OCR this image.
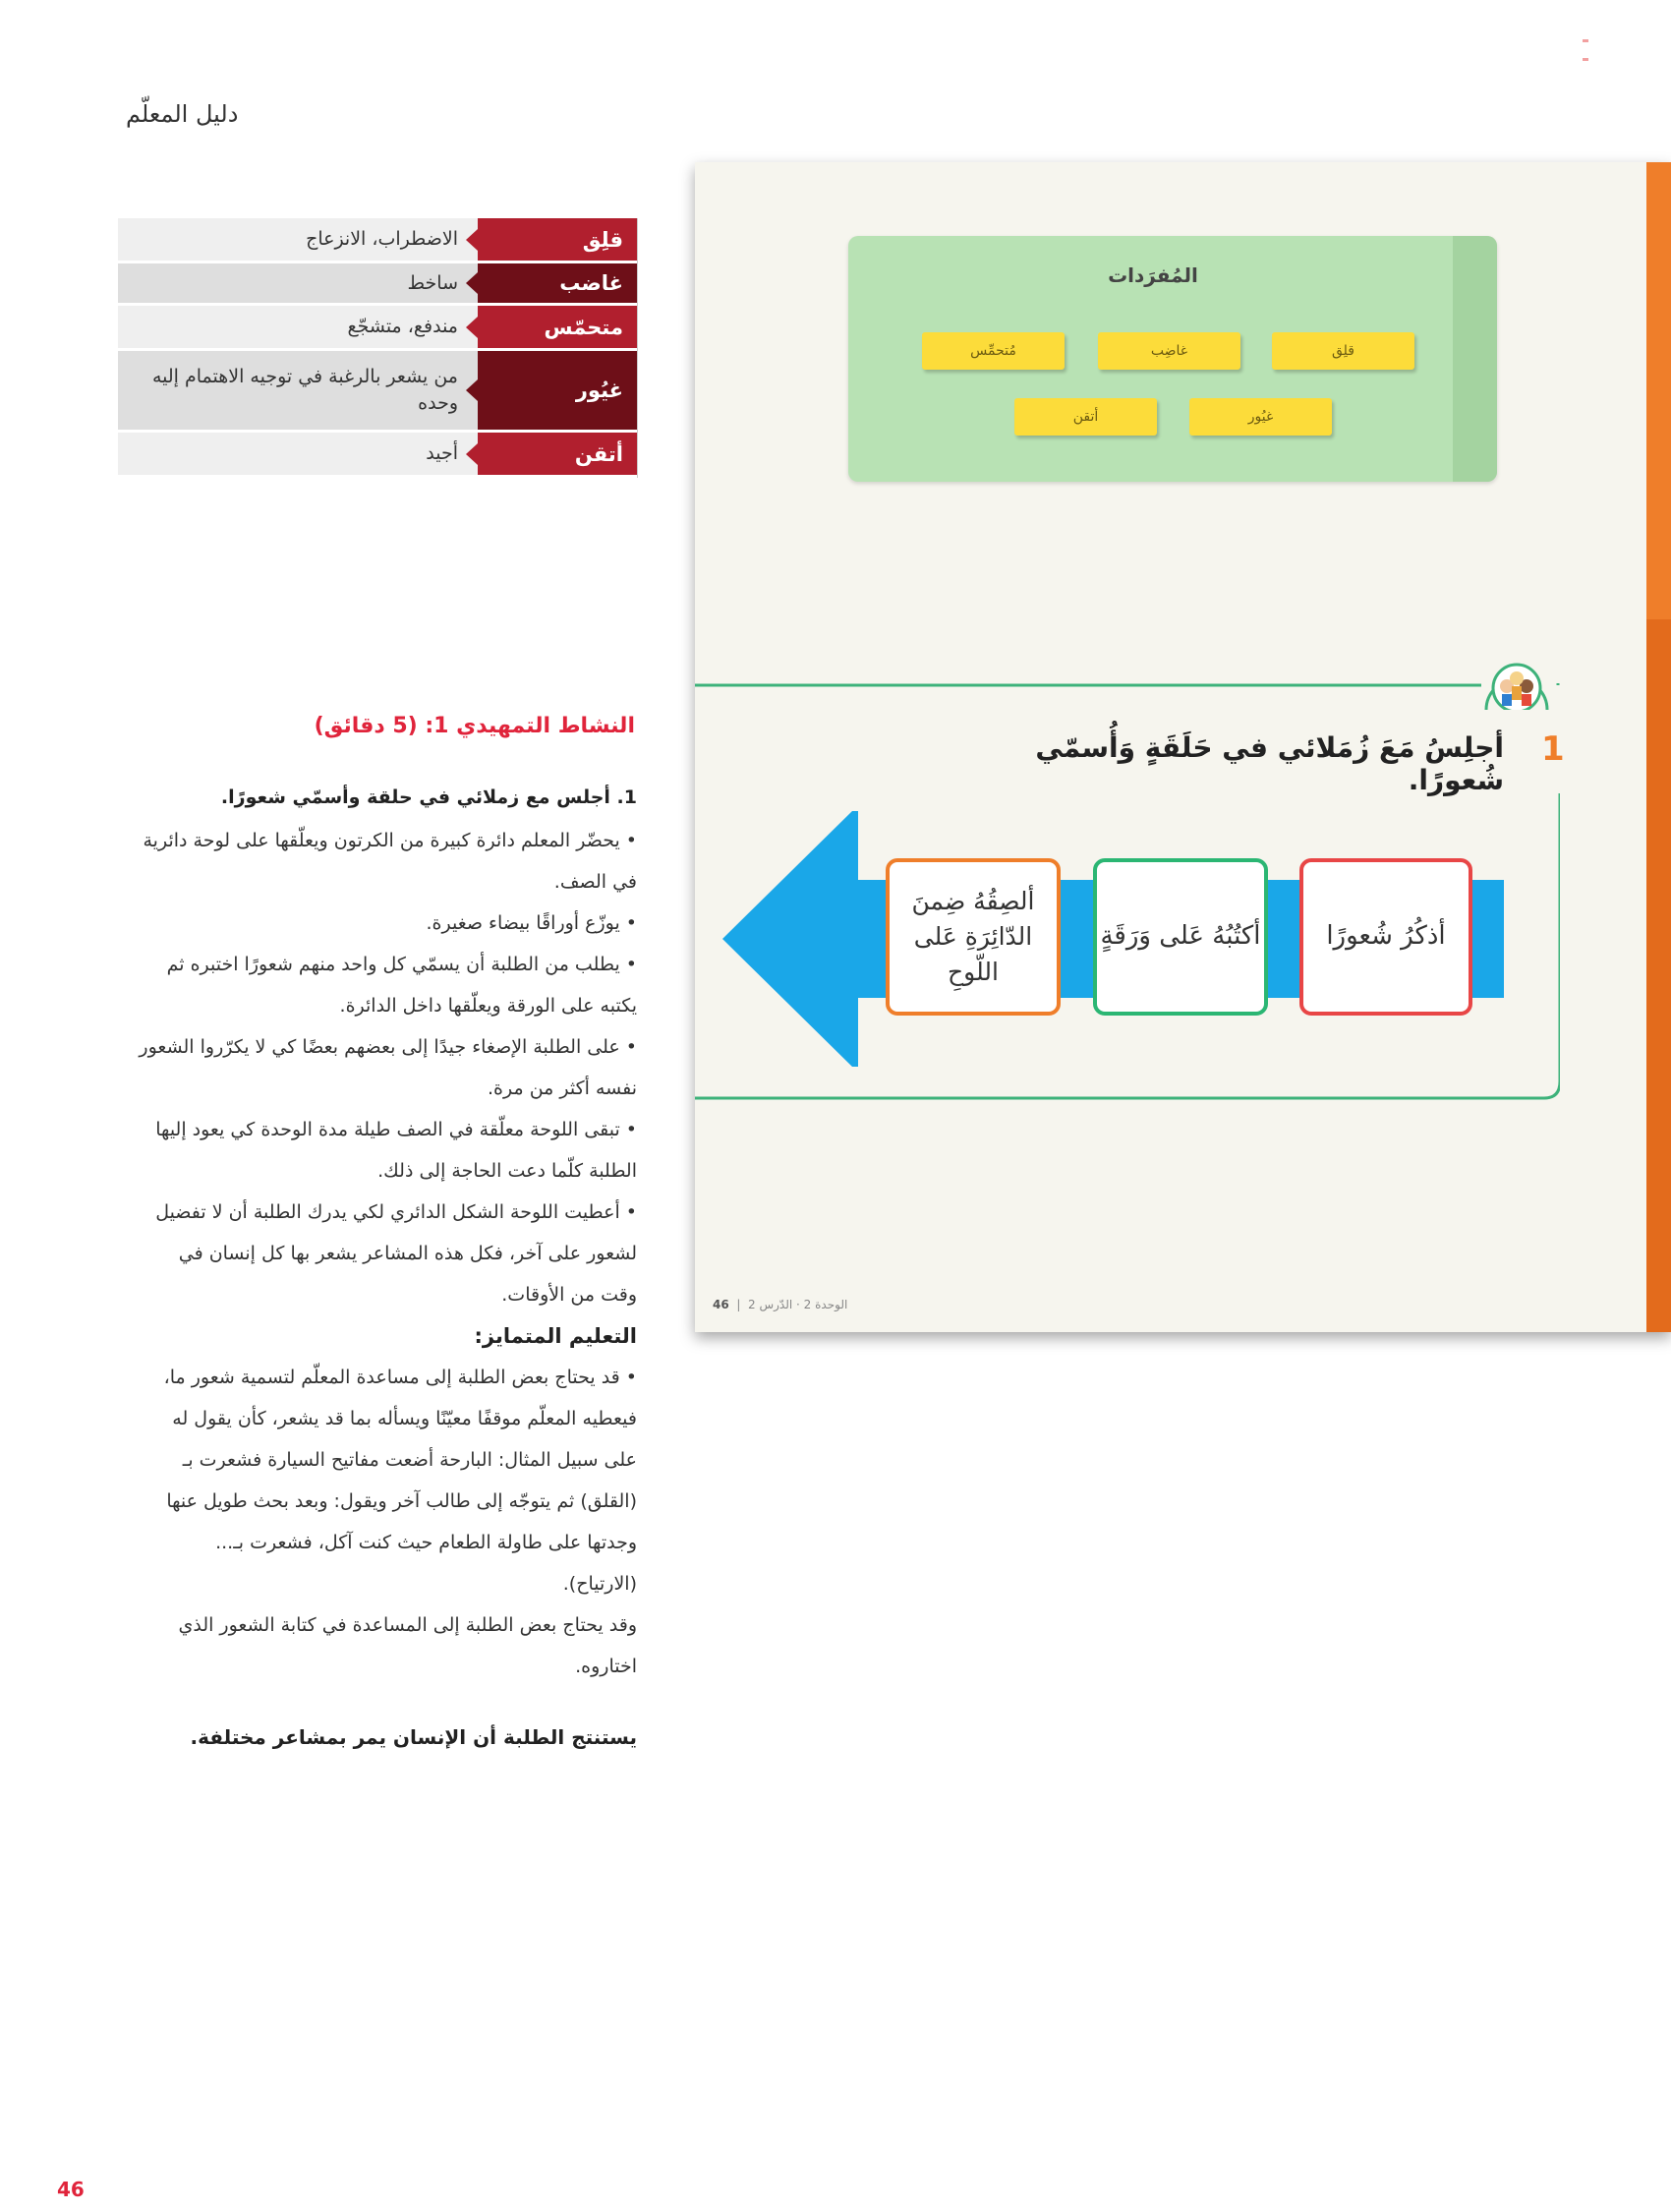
دليل المعلّم
قلِق
الاضطراب، الانزعاج
غاضب
ساخط
متحمّس
مندفع، متشجّع
غيُور
من يشعر بالرغبة في توجيه الاهتمام إليه وحده
أتقن
أجيد
المُفرَدات
قلِق
غاضِب
مُتحمِّس
غيُور
أتقن
1
أجلِسُ مَعَ زُمَلائي في حَلَقَةٍ وَأُسمّي شُعورًا.
أذكُرُ شُعورًا
أكتُبُهُ عَلى وَرَقَةٍ
ألصِقُهُ ضِمنَ الدّائِرَةِ عَلى اللّوحِ
46  |  الوحدة 2 · الدّرس 2
النشاط التمهيدي 1: (5 دقائق)

1. أجلس مع زملائي في حلقة وأسمّي شعورًا.

• يحضّر المعلم دائرة كبيرة من الكرتون ويعلّقها على لوحة دائرية في الصف.

• يوزّع أوراقًا بيضاء صغيرة.

• يطلب من الطلبة أن يسمّي كل واحد منهم شعورًا اختبره ثم يكتبه على الورقة ويعلّقها داخل الدائرة.

• على الطلبة الإصغاء جيدًا إلى بعضهم بعضًا كي لا يكرّروا الشعور نفسه أكثر من مرة.

• تبقى اللوحة معلّقة في الصف طيلة مدة الوحدة كي يعود إليها الطلبة كلّما دعت الحاجة إلى ذلك.

• أعطيت اللوحة الشكل الدائري لكي يدرك الطلبة أن لا تفضيل لشعور على آخر، فكل هذه المشاعر يشعر بها كل إنسان في وقت من الأوقات.

التعليم المتمايز:

• قد يحتاج بعض الطلبة إلى مساعدة المعلّم لتسمية شعور ما، فيعطيه المعلّم موقفًا معيّنًا ويسأله بما قد يشعر، كأن يقول له على سبيل المثال: البارحة أضعت مفاتيح السيارة فشعرت بـ (القلق) ثم يتوجّه إلى طالب آخر ويقول: وبعد بحث طويل عنها وجدتها على طاولة الطعام حيث كنت آكل، فشعرت بـ... (الارتياح).

وقد يحتاج بعض الطلبة إلى المساعدة في كتابة الشعور الذي اختاروه.

يستنتج الطلبة أن الإنسان يمر بمشاعر مختلفة.
46
